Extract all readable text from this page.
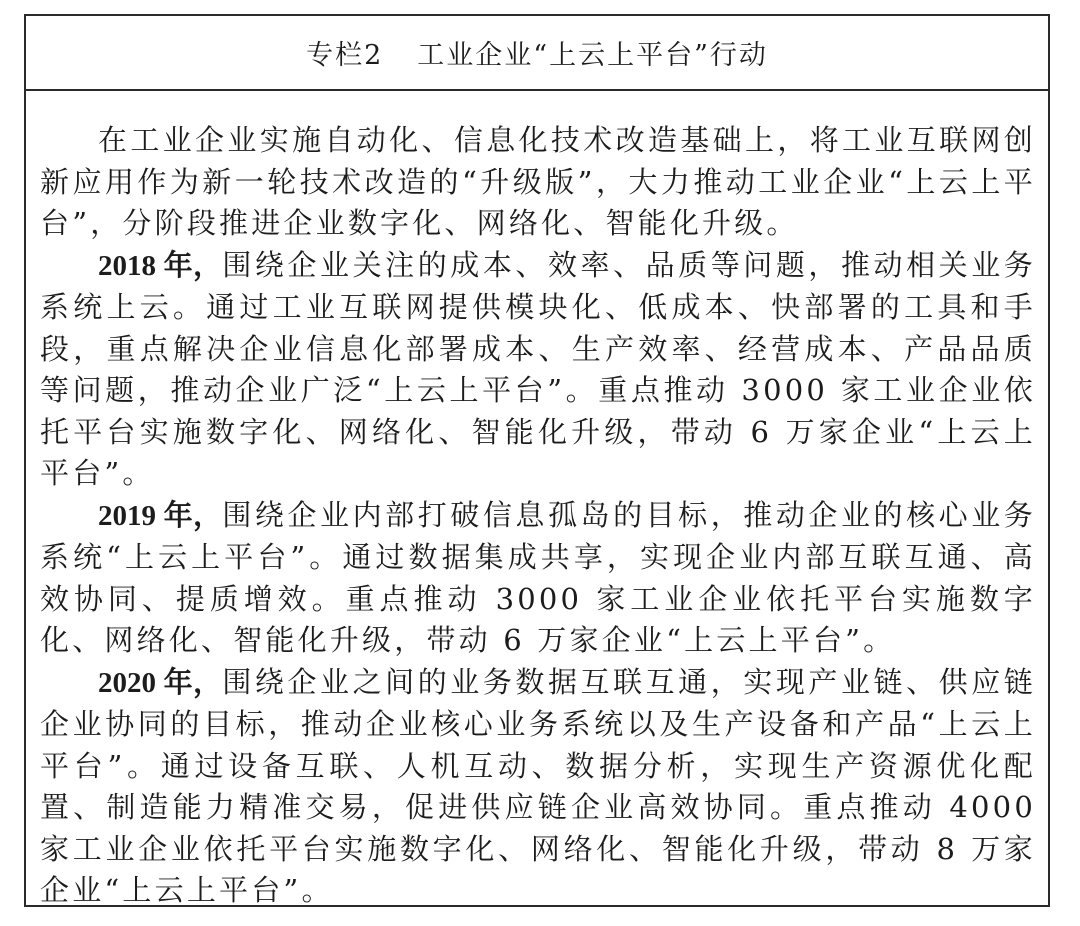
专栏2 工业企业“上云上平台”行动

在工业企业实施自动化、信息化技术改造基础上，将工业互联网创新应用作为新一轮技术改造的“升级版”，大力推动工业企业“上云上平台”，分阶段推进企业数字化、网络化、智能化升级。

2018 年，围绕企业关注的成本、效率、品质等问题，推动相关业务系统上云。通过工业互联网提供模块化、低成本、快部署的工具和手段，重点解决企业信息化部署成本、生产效率、经营成本、产品品质等问题，推动企业广泛“上云上平台”。重点推动 3000 家工业企业依托平台实施数字化、网络化、智能化升级，带动 6 万家企业“上云上平台”。

2019 年，围绕企业内部打破信息孤岛的目标，推动企业的核心业务系统“上云上平台”。通过数据集成共享，实现企业内部互联互通、高效协同、提质增效。重点推动 3000 家工业企业依托平台实施数字化、网络化、智能化升级，带动 6 万家企业“上云上平台”。

2020 年，围绕企业之间的业务数据互联互通，实现产业链、供应链企业协同的目标，推动企业核心业务系统以及生产设备和产品“上云上平台”。通过设备互联、人机互动、数据分析，实现生产资源优化配置、制造能力精准交易，促进供应链企业高效协同。重点推动 4000 家工业企业依托平台实施数字化、网络化、智能化升级，带动 8 万家企业“上云上平台”。
